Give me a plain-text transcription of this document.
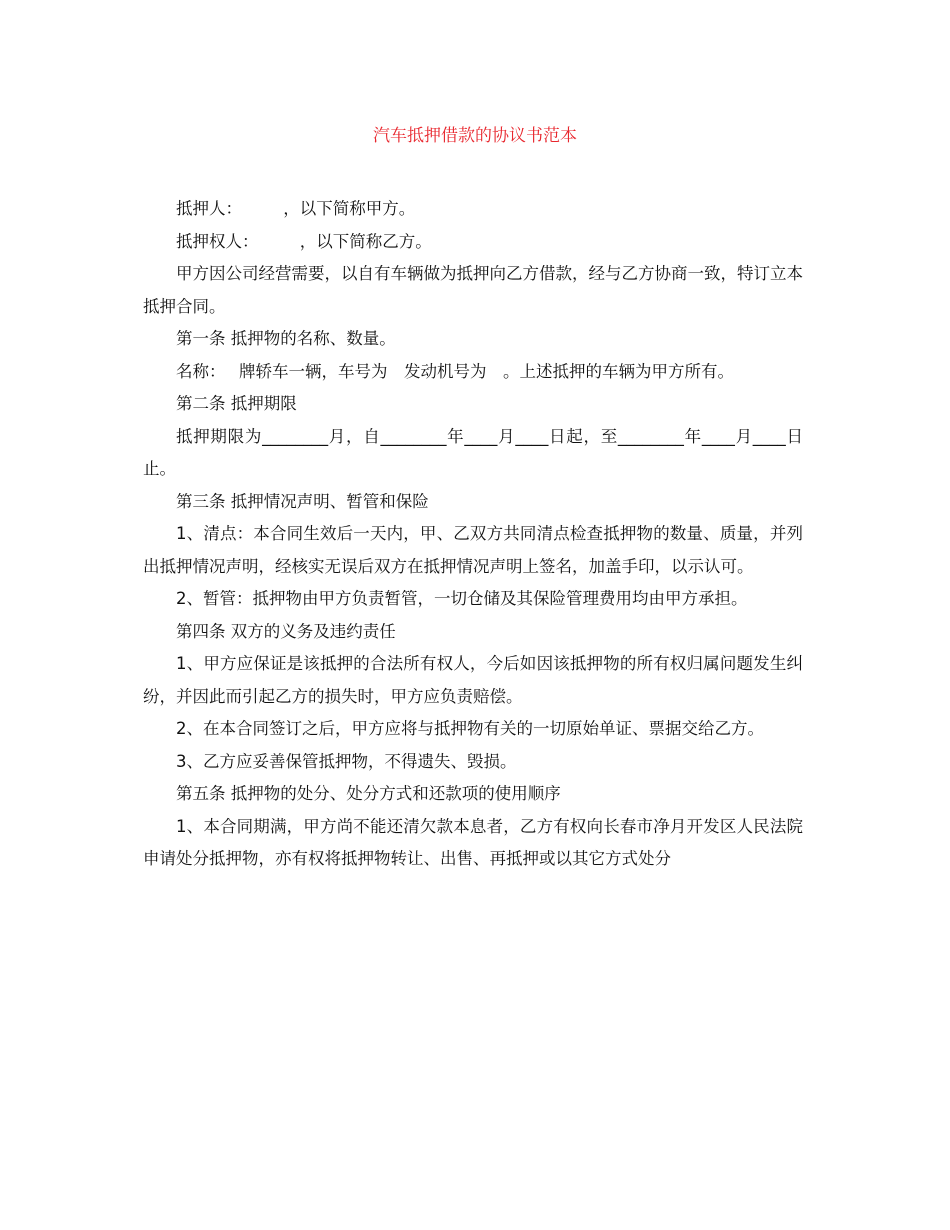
汽车抵押借款的协议书范本

抵押人：　　　，以下简称甲方。

抵押权人：　　　，以下简称乙方。

甲方因公司经营需要，以自有车辆做为抵押向乙方借款，经与乙方协商一致，特订立本抵押合同。

第一条 抵押物的名称、数量。

名称：　 牌轿车一辆，车号为　发动机号为　。上述抵押的车辆为甲方所有。

第二条 抵押期限

抵押期限为________月，自________年____月____日起，至________年____月____日止。

第三条 抵押情况声明、暂管和保险

1、清点：本合同生效后一天内，甲、乙双方共同清点检查抵押物的数量、质量，并列出抵押情况声明，经核实无误后双方在抵押情况声明上签名，加盖手印，以示认可。

2、暂管：抵押物由甲方负责暂管，一切仓储及其保险管理费用均由甲方承担。

第四条 双方的义务及违约责任

1、甲方应保证是该抵押的合法所有权人，今后如因该抵押物的所有权归属问题发生纠纷，并因此而引起乙方的损失时，甲方应负责赔偿。

2、在本合同签订之后，甲方应将与抵押物有关的一切原始单证、票据交给乙方。

3、乙方应妥善保管抵押物，不得遗失、毁损。

第五条 抵押物的处分、处分方式和还款项的使用顺序

1、本合同期满，甲方尚不能还清欠款本息者，乙方有权向长春市净月开发区人民法院申请处分抵押物，亦有权将抵押物转让、出售、再抵押或以其它方式处分
